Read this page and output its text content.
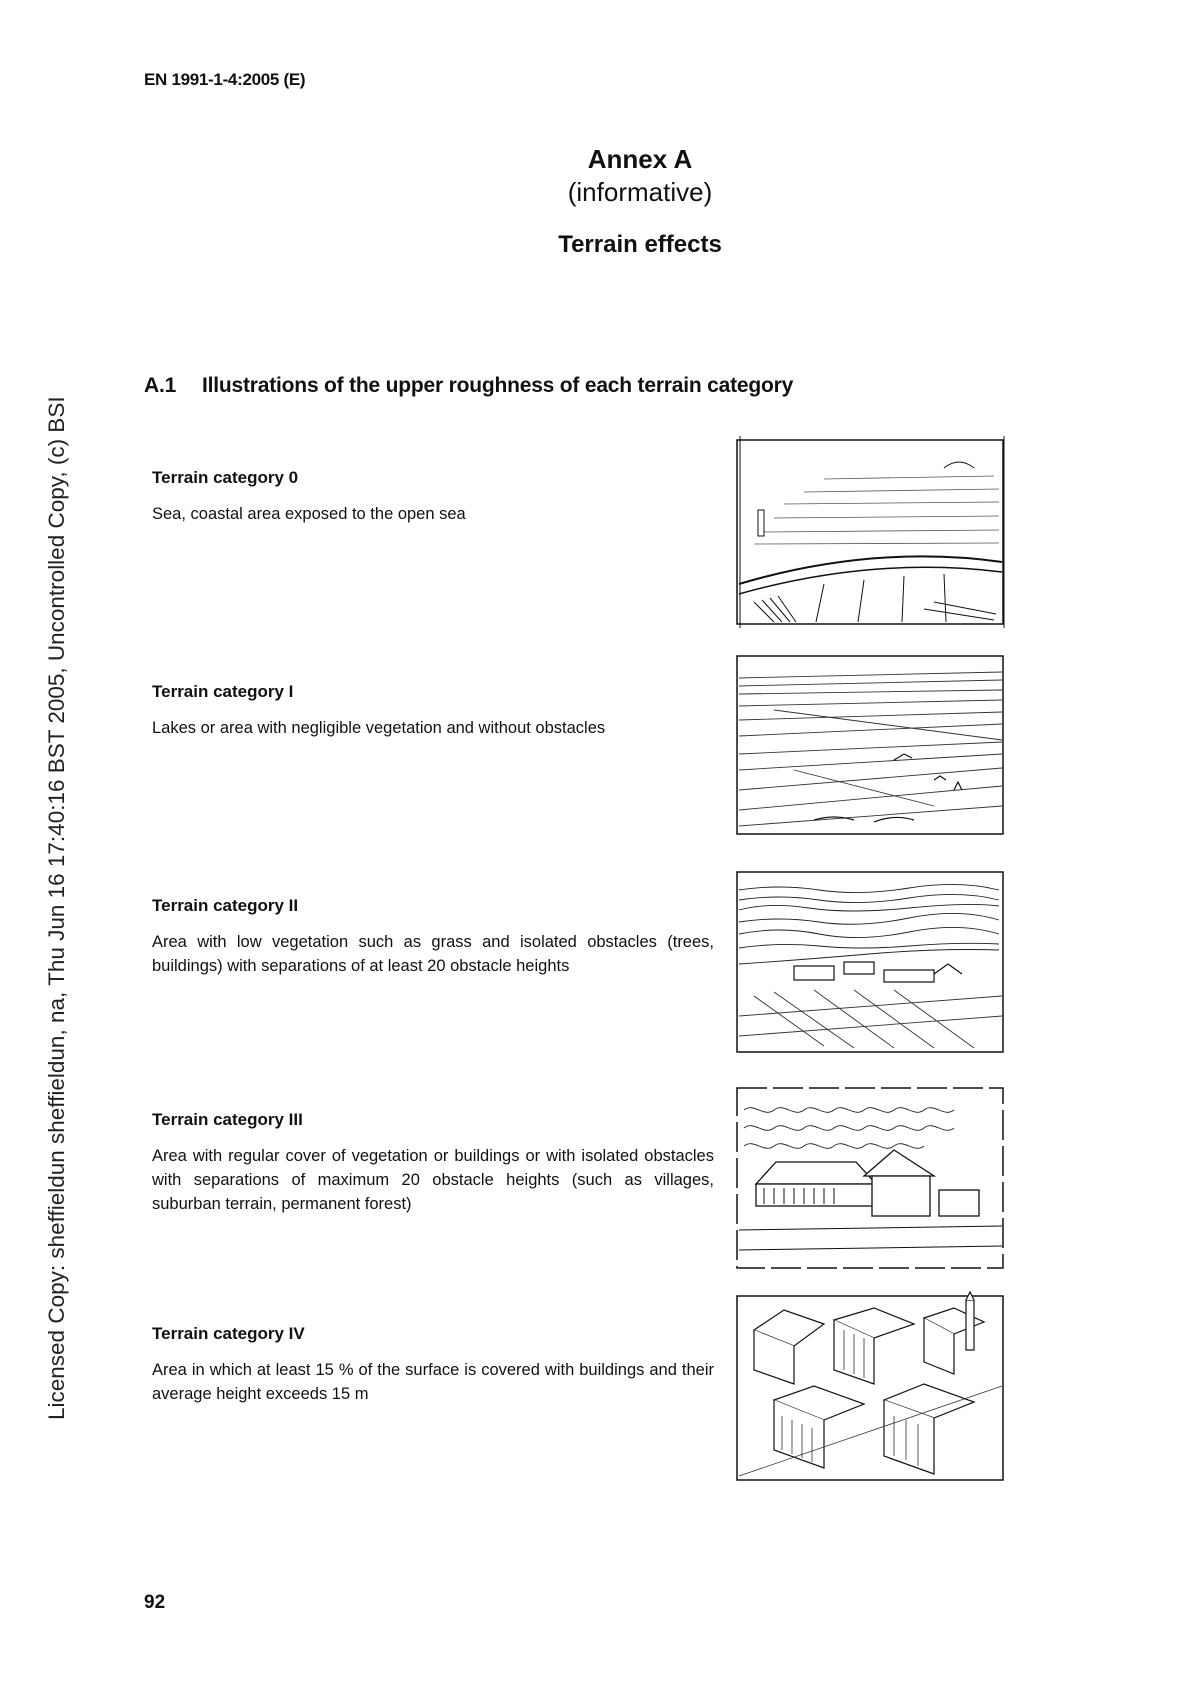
EN 1991-1-4:2005 (E)
Annex A
(informative)
Terrain effects
A.1 Illustrations of the upper roughness of each terrain category
Terrain category 0
Sea, coastal area exposed to the open sea
Terrain category I
Lakes or area with negligible vegetation and without obstacles
Terrain category II
Area with low vegetation such as grass and isolated obstacles (trees, buildings) with separations of at least 20 obstacle heights
Terrain category III
Area with regular cover of vegetation or buildings or with isolated obstacles with separations of maximum 20 obstacle heights (such as villages, suburban terrain, permanent forest)
Terrain category IV
Area in which at least 15 % of the surface is covered with buildings and their average height exceeds 15 m
92
Licensed Copy: sheffieldun sheffieldun, na, Thu Jun 16 17:40:16 BST 2005, Uncontrolled Copy, (c) BSI
